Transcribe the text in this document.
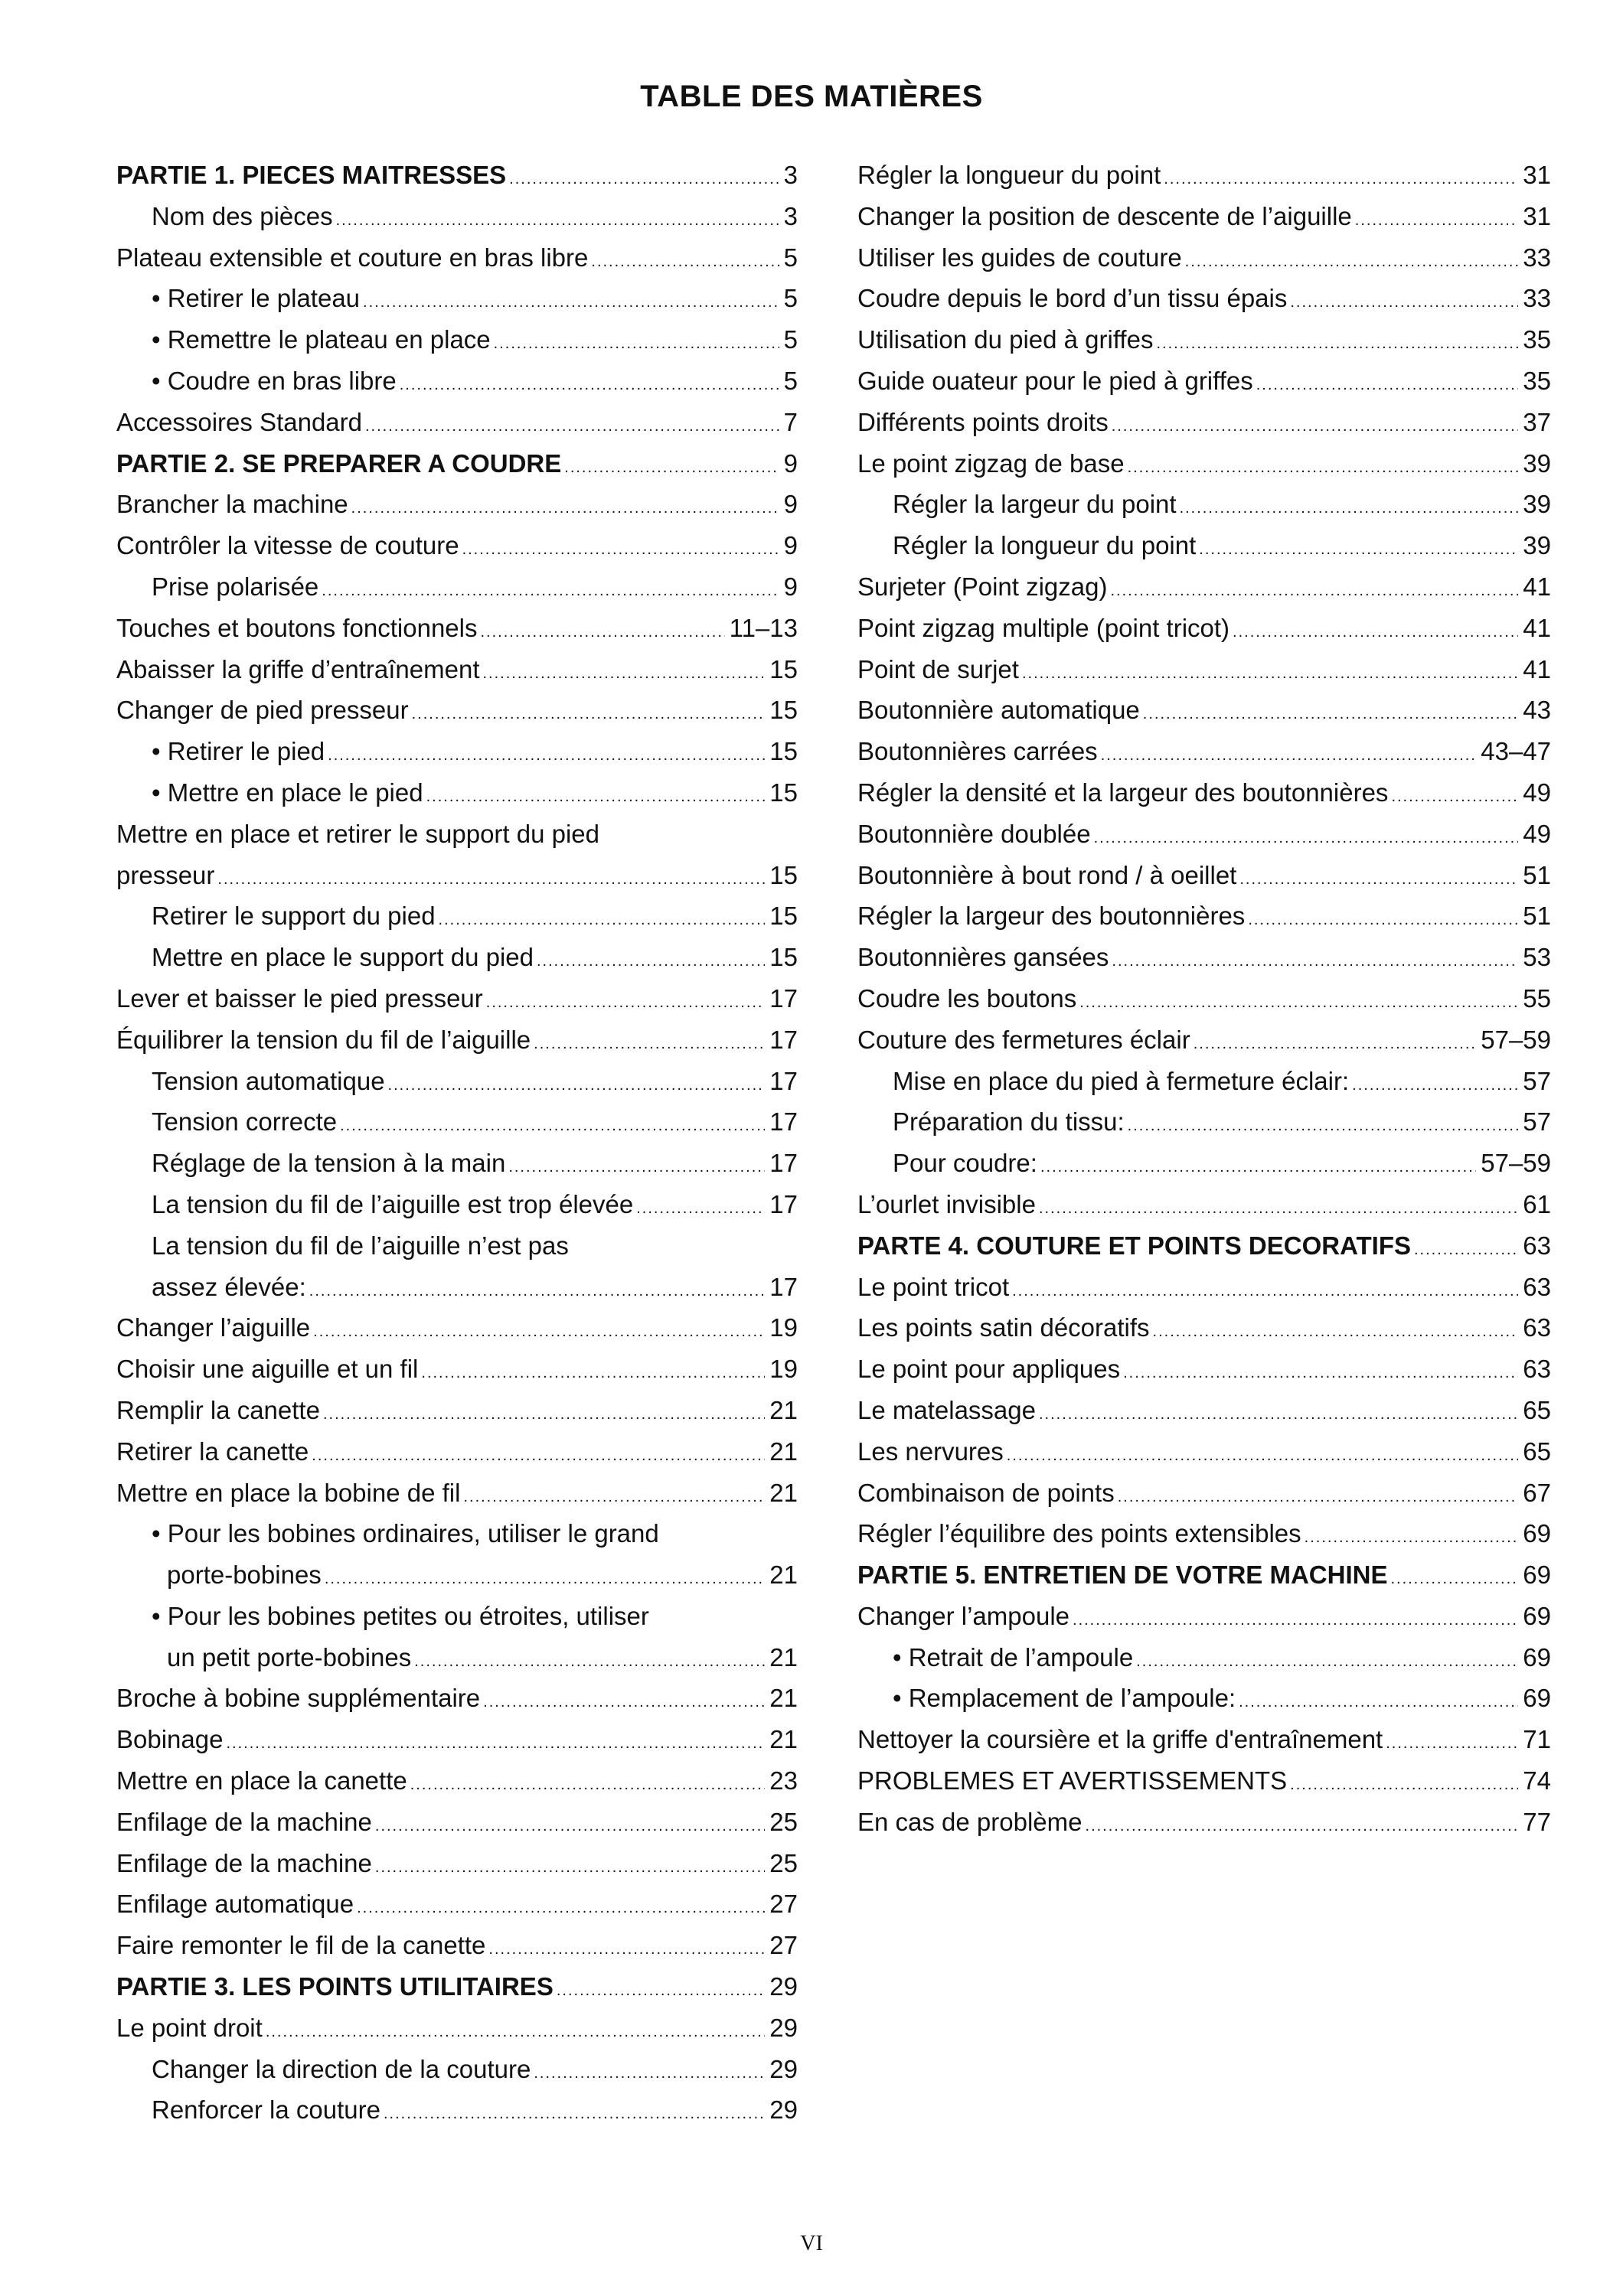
TABLE DES MATIÈRES
PARTIE 1. PIECES MAITRESSES .....	3
Nom des pièces .....	3
Plateau extensible et couture en bras libre .....	5
• Retirer le plateau .....	5
• Remettre le plateau en place .....	5
• Coudre en bras libre .....	5
Accessoires Standard .....	7
PARTIE 2. SE PREPARER A COUDRE .....	9
Brancher la machine .....	9
Contrôler la vitesse de couture .....	9
Prise polarisée .....	9
Touches et boutons fonctionnels .....	11–13
Abaisser la griffe d’entraînement .....	15
Changer de pied presseur .....	15
• Retirer le pied .....	15
• Mettre en place le pied .....	15
Mettre en place et retirer le support du pied
presseur .....	15
Retirer le support du pied .....	15
Mettre en place le support du pied .....	15
Lever et baisser le pied presseur .....	17
Équilibrer la tension du fil de l’aiguille .....	17
Tension automatique .....	17
Tension correcte .....	17
Réglage de la tension à la main .....	17
La tension du fil de l’aiguille est trop élevée .....	17
La tension du fil de l’aiguille n’est pas
assez élevée: .....	17
Changer l’aiguille .....	19
Choisir une aiguille et un fil .....	19
Remplir la canette .....	21
Retirer la canette .....	21
Mettre en place la bobine de fil .....	21
• Pour les bobines ordinaires, utiliser le grand
porte-bobines .....	21
• Pour les bobines petites ou étroites, utiliser
un petit porte-bobines .....	21
Broche à bobine supplémentaire .....	21
Bobinage .....	21
Mettre en place la canette .....	23
Enfilage de la machine .....	25
Enfilage de la machine .....	25
Enfilage automatique .....	27
Faire remonter le fil de la canette .....	27
PARTIE 3. LES POINTS UTILITAIRES .....	29
Le point droit .....	29
Changer la direction de la couture .....	29
Renforcer la couture .....	29
Régler la longueur du point .....	31
Changer la position de descente de l’aiguille .....	31
Utiliser les guides de couture .....	33
Coudre depuis le bord d’un tissu épais .....	33
Utilisation du pied à griffes .....	35
Guide ouateur pour le pied à griffes .....	35
Différents points droits .....	37
Le point zigzag de base .....	39
Régler la largeur du point .....	39
Régler la longueur du point .....	39
Surjeter (Point zigzag) .....	41
Point zigzag multiple (point tricot) .....	41
Point de surjet .....	41
Boutonnière automatique .....	43
Boutonnières carrées .....	43–47
Régler la densité et la largeur des boutonnières .....	49
Boutonnière doublée .....	49
Boutonnière à bout rond / à oeillet .....	51
Régler la largeur des boutonnières .....	51
Boutonnières gansées .....	53
Coudre les boutons .....	55
Couture des fermetures éclair .....	57–59
Mise en place du pied à fermeture éclair: .....	57
Préparation du tissu: .....	57
Pour coudre: .....	57–59
L’ourlet invisible .....	61
PARTE 4. COUTURE ET POINTS DECORATIFS .....	63
Le point tricot .....	63
Les points satin décoratifs .....	63
Le point pour appliques .....	63
Le matelassage .....	65
Les nervures .....	65
Combinaison de points .....	67
Régler l’équilibre des points extensibles .....	69
PARTIE 5. ENTRETIEN DE VOTRE MACHINE .....	69
Changer l’ampoule .....	69
• Retrait de l’ampoule .....	69
• Remplacement de l’ampoule: .....	69
Nettoyer la coursière et la griffe d'entraînement .....	71
PROBLEMES ET AVERTISSEMENTS .....	74
En cas de problème .....	77
VI
